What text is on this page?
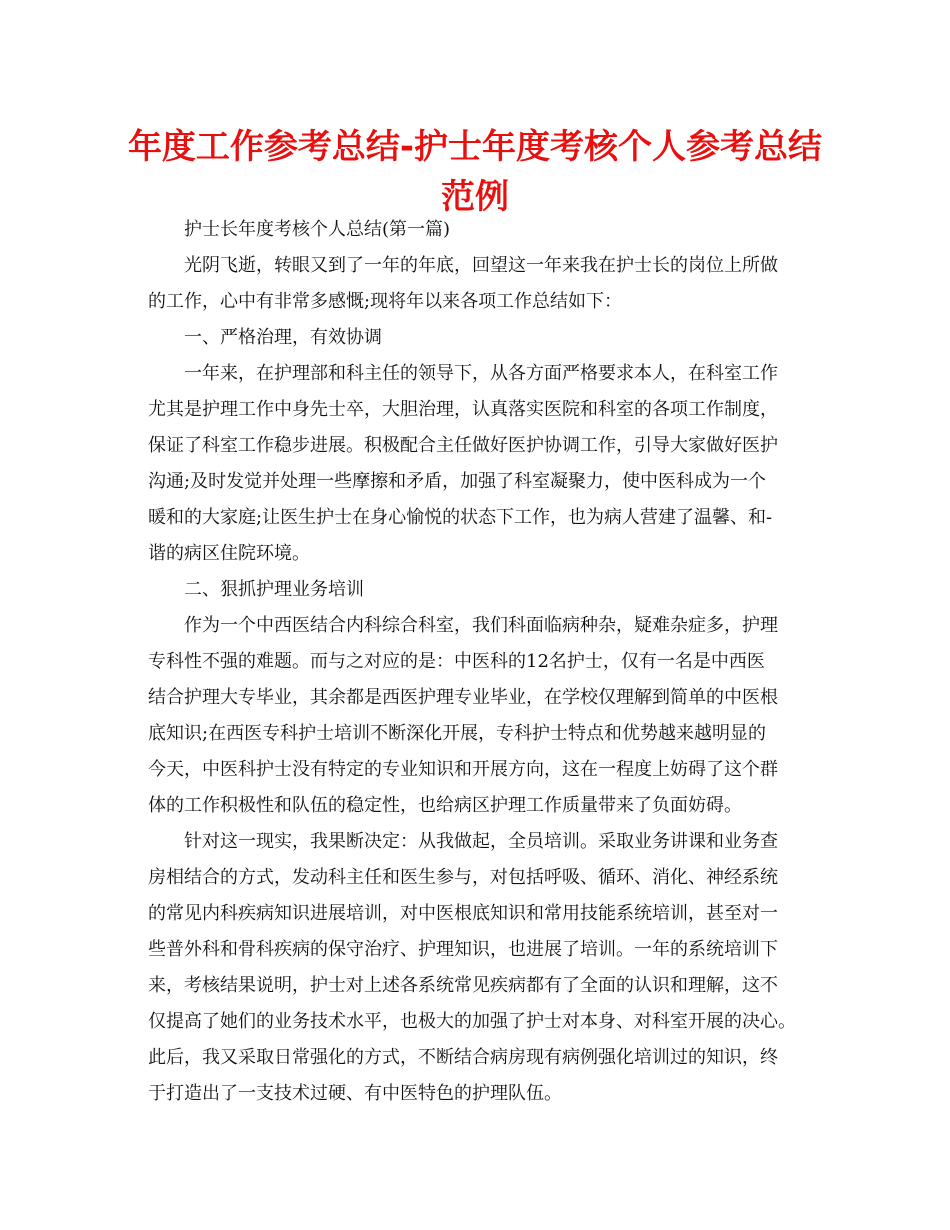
年度工作参考总结-护士年度考核个人参考总结
范例
护士长年度考核个人总结(第一篇)
光阴飞逝，转眼又到了一年的年底，回望这一年来我在护士长的岗位上所做
的工作，心中有非常多感慨;现将年以来各项工作总结如下：
一、严格治理，有效协调
一年来，在护理部和科主任的领导下，从各方面严格要求本人，在科室工作
尤其是护理工作中身先士卒，大胆治理，认真落实医院和科室的各项工作制度，
保证了科室工作稳步进展。积极配合主任做好医护协调工作，引导大家做好医护
沟通;及时发觉并处理一些摩擦和矛盾，加强了科室凝聚力，使中医科成为一个
暖和的大家庭;让医生护士在身心愉悦的状态下工作，也为病人营建了温馨、和-
谐的病区住院环境。
二、狠抓护理业务培训
作为一个中西医结合内科综合科室，我们科面临病种杂，疑难杂症多，护理
专科性不强的难题。而与之对应的是：中医科的12名护士，仅有一名是中西医
结合护理大专毕业，其余都是西医护理专业毕业，在学校仅理解到简单的中医根
底知识;在西医专科护士培训不断深化开展，专科护士特点和优势越来越明显的
今天，中医科护士没有特定的专业知识和开展方向，这在一程度上妨碍了这个群
体的工作积极性和队伍的稳定性，也给病区护理工作质量带来了负面妨碍。
针对这一现实，我果断决定：从我做起，全员培训。采取业务讲课和业务查
房相结合的方式，发动科主任和医生参与，对包括呼吸、循环、消化、神经系统
的常见内科疾病知识进展培训，对中医根底知识和常用技能系统培训，甚至对一
些普外科和骨科疾病的保守治疗、护理知识，也进展了培训。一年的系统培训下
来，考核结果说明，护士对上述各系统常见疾病都有了全面的认识和理解，这不
仅提高了她们的业务技术水平，也极大的加强了护士对本身、对科室开展的决心。
此后，我又采取日常强化的方式，不断结合病房现有病例强化培训过的知识，终
于打造出了一支技术过硬、有中医特色的护理队伍。
